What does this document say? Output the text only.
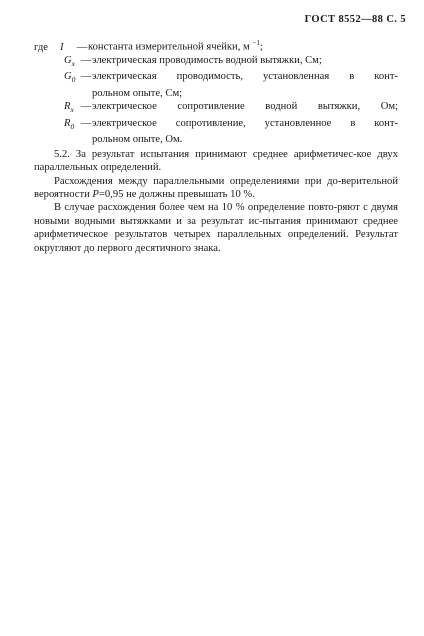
ГОСТ 8552—88 С. 5
где	I	— константа измерительной ячейки, м $^{-1}$;
$G_x$ — электрическая проводимость водной вытяжки, См;
$G_0$ — электрическая проводимость, установленная в конт-
рольном опыте, См;
$R_x$ — электрическое сопротивление водной вытяжки, Ом;
$R_0$ — электрическое сопротивление, установленное в конт-
рольном опыте, Ом.

5.2. За результат испытания принимают среднее арифметичес-кое двух параллельных определений.

Расхождения между параллельными определениями при до-верительной вероятности P=0,95 не должны превышать 10 %.

В случае расхождения более чем на 10 % определение повто-ряют с двумя новыми водными вытяжками и за результат ис-пытания принимают среднее арифметическое результатов четырех параллельных определений. Результат округляют до первого десятичного знака.
